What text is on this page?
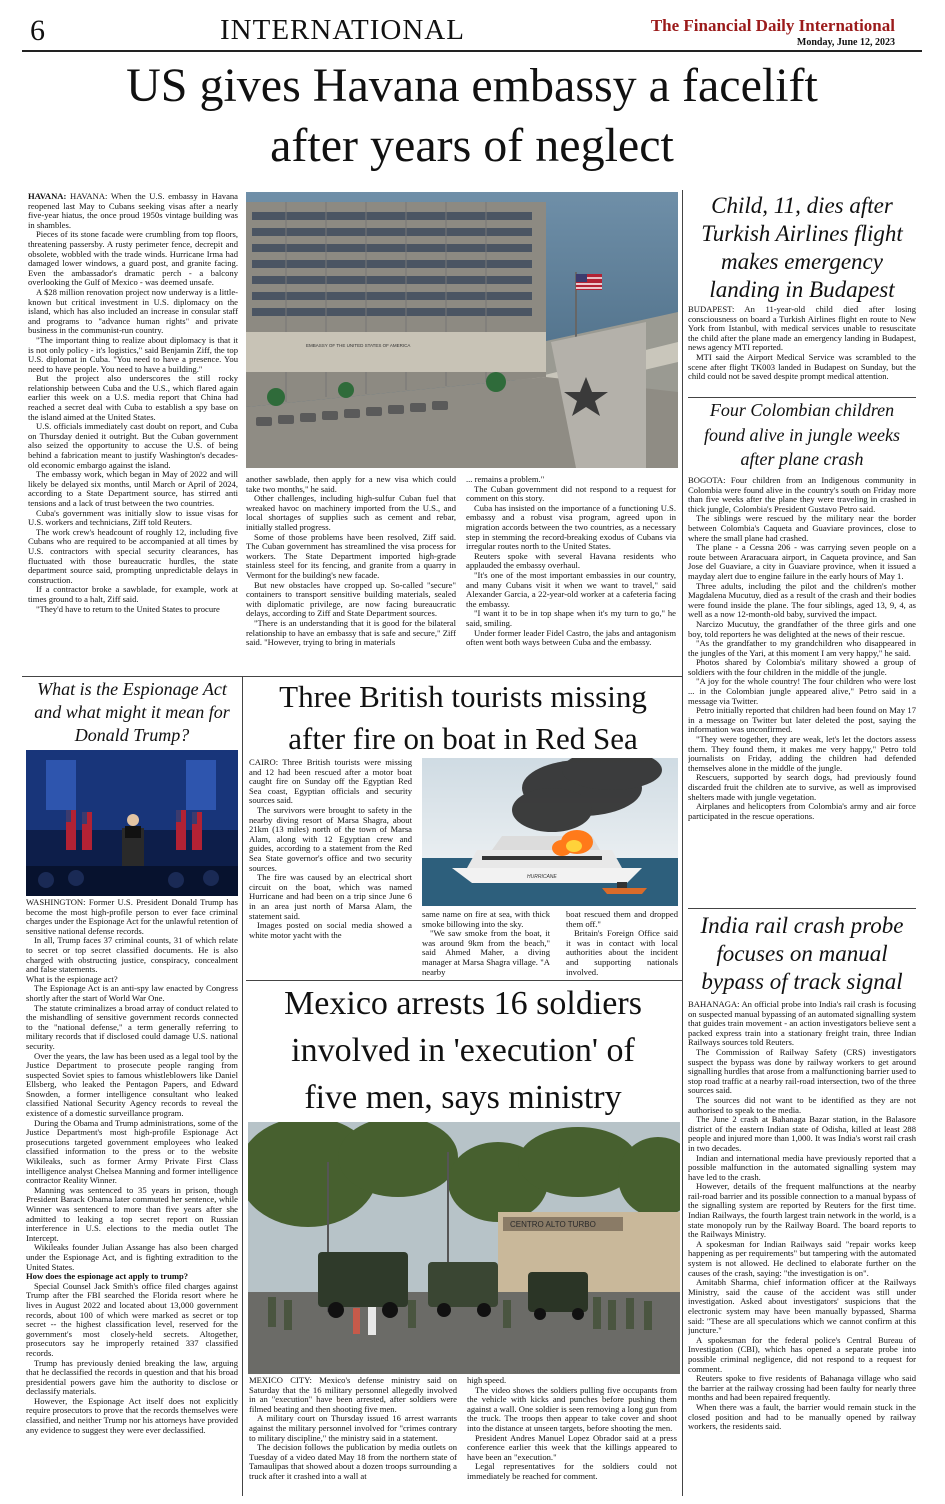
6	INTERNATIONAL	The Financial Daily International
Monday, June 12, 2023
US gives Havana embassy a facelift
after years of neglect

HAVANA: HAVANA: When the U.S. embassy in Havana reopened last May to Cubans seeking visas after a nearly five-year hiatus, the once proud 1950s vintage building was in shambles.

Pieces of its stone facade were crumbling from top floors, threatening passersby. A rusty perimeter fence, decrepit and obsolete, wobbled with the trade winds. Hurricane Irma had damaged lower windows, a guard post, and granite facing. Even the ambassador's dramatic perch - a balcony overlooking the Gulf of Mexico - was deemed unsafe.

A $28 million renovation project now underway is a little-known but critical investment in U.S. diplomacy on the island, which has also included an increase in consular staff and programs to "advance human rights" and private business in the communist-run country.

"The important thing to realize about diplomacy is that it is not only policy - it's logistics," said Benjamin Ziff, the top U.S. diplomat in Cuba. "You need to have a presence. You need to have people. You need to have a building."

But the project also underscores the still rocky relationship between Cuba and the U.S., which flared again earlier this week on a U.S. media report that China had reached a secret deal with Cuba to establish a spy base on the island aimed at the United States.

U.S. officials immediately cast doubt on report, and Cuba on Thursday denied it outright. But the Cuban government also seized the opportunity to accuse the U.S. of being behind a fabrication meant to justify Washington's decades-old economic embargo against the island.

The embassy work, which began in May of 2022 and will likely be delayed six months, until March or April of 2024, according to a State Department source, has stirred anti tensions and a lack of trust between the two countries.

Cuba's government was initially slow to issue visas for U.S. workers and technicians, Ziff told Reuters.

The work crew's headcount of roughly 12, including five Cubans who are required to be accompanied at all times by U.S. contractors with special security clearances, has fluctuated with those bureaucratic hurdles, the state department source said, prompting unpredictable delays in construction.

If a contractor broke a sawblade, for example, work at times ground to a halt, Ziff said.

"They'd have to return to the United States to procure

EMBASSY OF THE UNITED STATES OF AMERICA

another sawblade, then apply for a new visa which could take two months," he said.

Other challenges, including high-sulfur Cuban fuel that wreaked havoc on machinery imported from the U.S., and local shortages of supplies such as cement and rebar, initially stalled progress.

Some of those problems have been resolved, Ziff said. The Cuban government has streamlined the visa process for workers. The State Department imported high-grade stainless steel for its fencing, and granite from a quarry in Vermont for the building's new facade.

But new obstacles have cropped up. So-called "secure" containers to transport sensitive building materials, sealed with diplomatic privilege, are now facing bureaucratic delays, according to Ziff and State Department sources.

"There is an understanding that it is good for the bilateral relationship to have an embassy that is safe and secure," Ziff said. "However, trying to bring in materials

... remains a problem."

The Cuban government did not respond to a request for comment on this story.

Cuba has insisted on the importance of a functioning U.S. embassy and a robust visa program, agreed upon in migration accords between the two countries, as a necessary step in stemming the record-breaking exodus of Cubans via irregular routes north to the United States.

Reuters spoke with several Havana residents who applauded the embassy overhaul.

"It's one of the most important embassies in our country, and many Cubans visit it when we want to travel," said Alexander Garcia, a 22-year-old worker at a cafeteria facing the embassy.

"I want it to be in top shape when it's my turn to go," he said, smiling.

Under former leader Fidel Castro, the jabs and antagonism often went both ways between Cuba and the embassy.

Child, 11, dies after Turkish Airlines flight makes emergency landing in Budapest

BUDAPEST: An 11-year-old child died after losing consciousness on board a Turkish Airlines flight en route to New York from Istanbul, with medical services unable to resuscitate the child after the plane made an emergency landing in Budapest, news agency MTI reported.

MTI said the Airport Medical Service was scrambled to the scene after flight TK003 landed in Budapest on Sunday, but the child could not be saved despite prompt medical attention.

Four Colombian children found alive in jungle weeks after plane crash

BOGOTA: Four children from an Indigenous community in Colombia were found alive in the country's south on Friday more than five weeks after the plane they were traveling in crashed in thick jungle, Colombia's President Gustavo Petro said.

The siblings were rescued by the military near the border between Colombia's Caqueta and Guaviare provinces, close to where the small plane had crashed.

The plane - a Cessna 206 - was carrying seven people on a route between Araracuara airport, in Caqueta province, and San Jose del Guaviare, a city in Guaviare province, when it issued a mayday alert due to engine failure in the early hours of May 1.

Three adults, including the pilot and the children's mother Magdalena Mucutuy, died as a result of the crash and their bodies were found inside the plane. The four siblings, aged 13, 9, 4, as well as a now 12-month-old baby, survived the impact.

Narcizo Mucutuy, the grandfather of the three girls and one boy, told reporters he was delighted at the news of their rescue.

"As the grandfather to my grandchildren who disappeared in the jungles of the Yari, at this moment I am very happy," he said.

Photos shared by Colombia's military showed a group of soldiers with the four children in the middle of the jungle.

"A joy for the whole country! The four children who were lost ... in the Colombian jungle appeared alive," Petro said in a message via Twitter.

Petro initially reported that children had been found on May 17 in a message on Twitter but later deleted the post, saying the information was unconfirmed.

"They were together, they are weak, let's let the doctors assess them. They found them, it makes me very happy," Petro told journalists on Friday, adding the children had defended themselves alone in the middle of the jungle.

Rescuers, supported by search dogs, had previously found discarded fruit the children ate to survive, as well as improvised shelters made with jungle vegetation.

Airplanes and helicopters from Colombia's army and air force participated in the rescue operations.

India rail crash probe focuses on manual bypass of track signal

BAHANAGA: An official probe into India's rail crash is focusing on suspected manual bypassing of an automated signalling system that guides train movement - an action investigators believe sent a packed express train into a stationary freight train, three Indian Railways sources told Reuters.

The Commission of Railway Safety (CRS) investigators suspect the bypass was done by railway workers to get around signalling hurdles that arose from a malfunctioning barrier used to stop road traffic at a nearby rail-road intersection, two of the three sources said.

The sources did not want to be identified as they are not authorised to speak to the media.

The June 2 crash at Bahanaga Bazar station, in the Balasore district of the eastern Indian state of Odisha, killed at least 288 people and injured more than 1,000. It was India's worst rail crash in two decades.

Indian and international media have previously reported that a possible malfunction in the automated signalling system may have led to the crash.

However, details of the frequent malfunctions at the nearby rail-road barrier and its possible connection to a manual bypass of the signalling system are reported by Reuters for the first time. Indian Railways, the fourth largest train network in the world, is a state monopoly run by the Railway Board. The board reports to the Railways Ministry.

A spokesman for Indian Railways said "repair works keep happening as per requirements" but tampering with the automated system is not allowed. He declined to elaborate further on the causes of the crash, saying: "the investigation is on".

Amitabh Sharma, chief information officer at the Railways Ministry, said the cause of the accident was still under investigation. Asked about investigators' suspicions that the electronic system may have been manually bypassed, Sharma said: "These are all speculations which we cannot confirm at this juncture."

A spokesman for the federal police's Central Bureau of Investigation (CBI), which has opened a separate probe into possible criminal negligence, did not respond to a request for comment.

Reuters spoke to five residents of Bahanaga village who said the barrier at the railway crossing had been faulty for nearly three months and had been repaired frequently.

When there was a fault, the barrier would remain stuck in the closed position and had to be manually opened by railway workers, the residents said.

What is the Espionage Act and what might it mean for Donald Trump?

WASHINGTON: Former U.S. President Donald Trump has become the most high-profile person to ever face criminal charges under the Espionage Act for the unlawful retention of sensitive national defense records.

In all, Trump faces 37 criminal counts, 31 of which relate to secret or top secret classified documents. He is also charged with obstructing justice, conspiracy, concealment and false statements.

What is the espionage act?

The Espionage Act is an anti-spy law enacted by Congress shortly after the start of World War One.

The statute criminalizes a broad array of conduct related to the mishandling of sensitive government records connected to the "national defense," a term generally referring to military records that if disclosed could damage U.S. national security.

Over the years, the law has been used as a legal tool by the Justice Department to prosecute people ranging from suspected Soviet spies to famous whistleblowers like Daniel Ellsberg, who leaked the Pentagon Papers, and Edward Snowden, a former intelligence consultant who leaked classified National Security Agency records to reveal the existence of a domestic surveillance program.

During the Obama and Trump administrations, some of the Justice Department's most high-profile Espionage Act prosecutions targeted government employees who leaked classified information to the press or to the website Wikileaks, such as former Army Private First Class intelligence analyst Chelsea Manning and former intelligence contractor Reality Winner.

Manning was sentenced to 35 years in prison, though President Barack Obama later commuted her sentence, while Winner was sentenced to more than five years after she admitted to leaking a top secret report on Russian interference in U.S. elections to the media outlet The Intercept.

Wikileaks founder Julian Assange has also been charged under the Espionage Act, and is fighting extradition to the United States.

How does the espionage act apply to trump?

Special Counsel Jack Smith's office filed charges against Trump after the FBI searched the Florida resort where he lives in August 2022 and located about 13,000 government records, about 100 of which were marked as secret or top secret -- the highest classification level, reserved for the government's most closely-held secrets. Altogether, prosecutors say he improperly retained 337 classified records.

Trump has previously denied breaking the law, arguing that he declassified the records in question and that his broad presidential powers gave him the authority to disclose or declassify materials.

However, the Espionage Act itself does not explicitly require prosecutors to prove that the records themselves were classified, and neither Trump nor his attorneys have provided any evidence to suggest they were ever declassified.

Three British tourists missing
after fire on boat in Red Sea

CAIRO: Three British tourists were missing and 12 had been rescued after a motor boat caught fire on Sunday off the Egyptian Red Sea coast, Egyptian officials and security sources said.

The survivors were brought to safety in the nearby diving resort of Marsa Shagra, about 21km (13 miles) north of the town of Marsa Alam, along with 12 Egyptian crew and guides, according to a statement from the Red Sea State governor's office and two security sources.

The fire was caused by an electrical short circuit on the boat, which was named Hurricane and had been on a trip since June 6 in an area just north of Marsa Alam, the statement said.

Images posted on social media showed a white motor yacht with the

HURRICANE

same name on fire at sea, with thick smoke billowing into the sky.

"We saw smoke from the boat, it was around 9km from the beach," said Ahmed Maher, a diving manager at Marsa Shagra village. "A nearby

boat rescued them and dropped them off."

Britain's Foreign Office said it was in contact with local authorities about the incident and supporting nationals involved.

Mexico arrests 16 soldiers
involved in 'execution' of
five men, says ministry
CENTRO ALTO TURBO

MEXICO CITY: Mexico's defense ministry said on Saturday that the 16 military personnel allegedly involved in an "execution" have been arrested, after soldiers were filmed beating and then shooting five men.

A military court on Thursday issued 16 arrest warrants against the military personnel involved for "crimes contrary to military discipline," the ministry said in a statement.

The decision follows the publication by media outlets on Tuesday of a video dated May 18 from the northern state of Tamaulipas that showed about a dozen troops surrounding a truck after it crashed into a wall at

high speed.

The video shows the soldiers pulling five occupants from the vehicle with kicks and punches before pushing them against a wall. One soldier is seen removing a long gun from the truck. The troops then appear to take cover and shoot into the distance at unseen targets, before shooting the men.

President Andres Manuel Lopez Obrador said at a press conference earlier this week that the killings appeared to have been an "execution."

Legal representatives for the soldiers could not immediately be reached for comment.
